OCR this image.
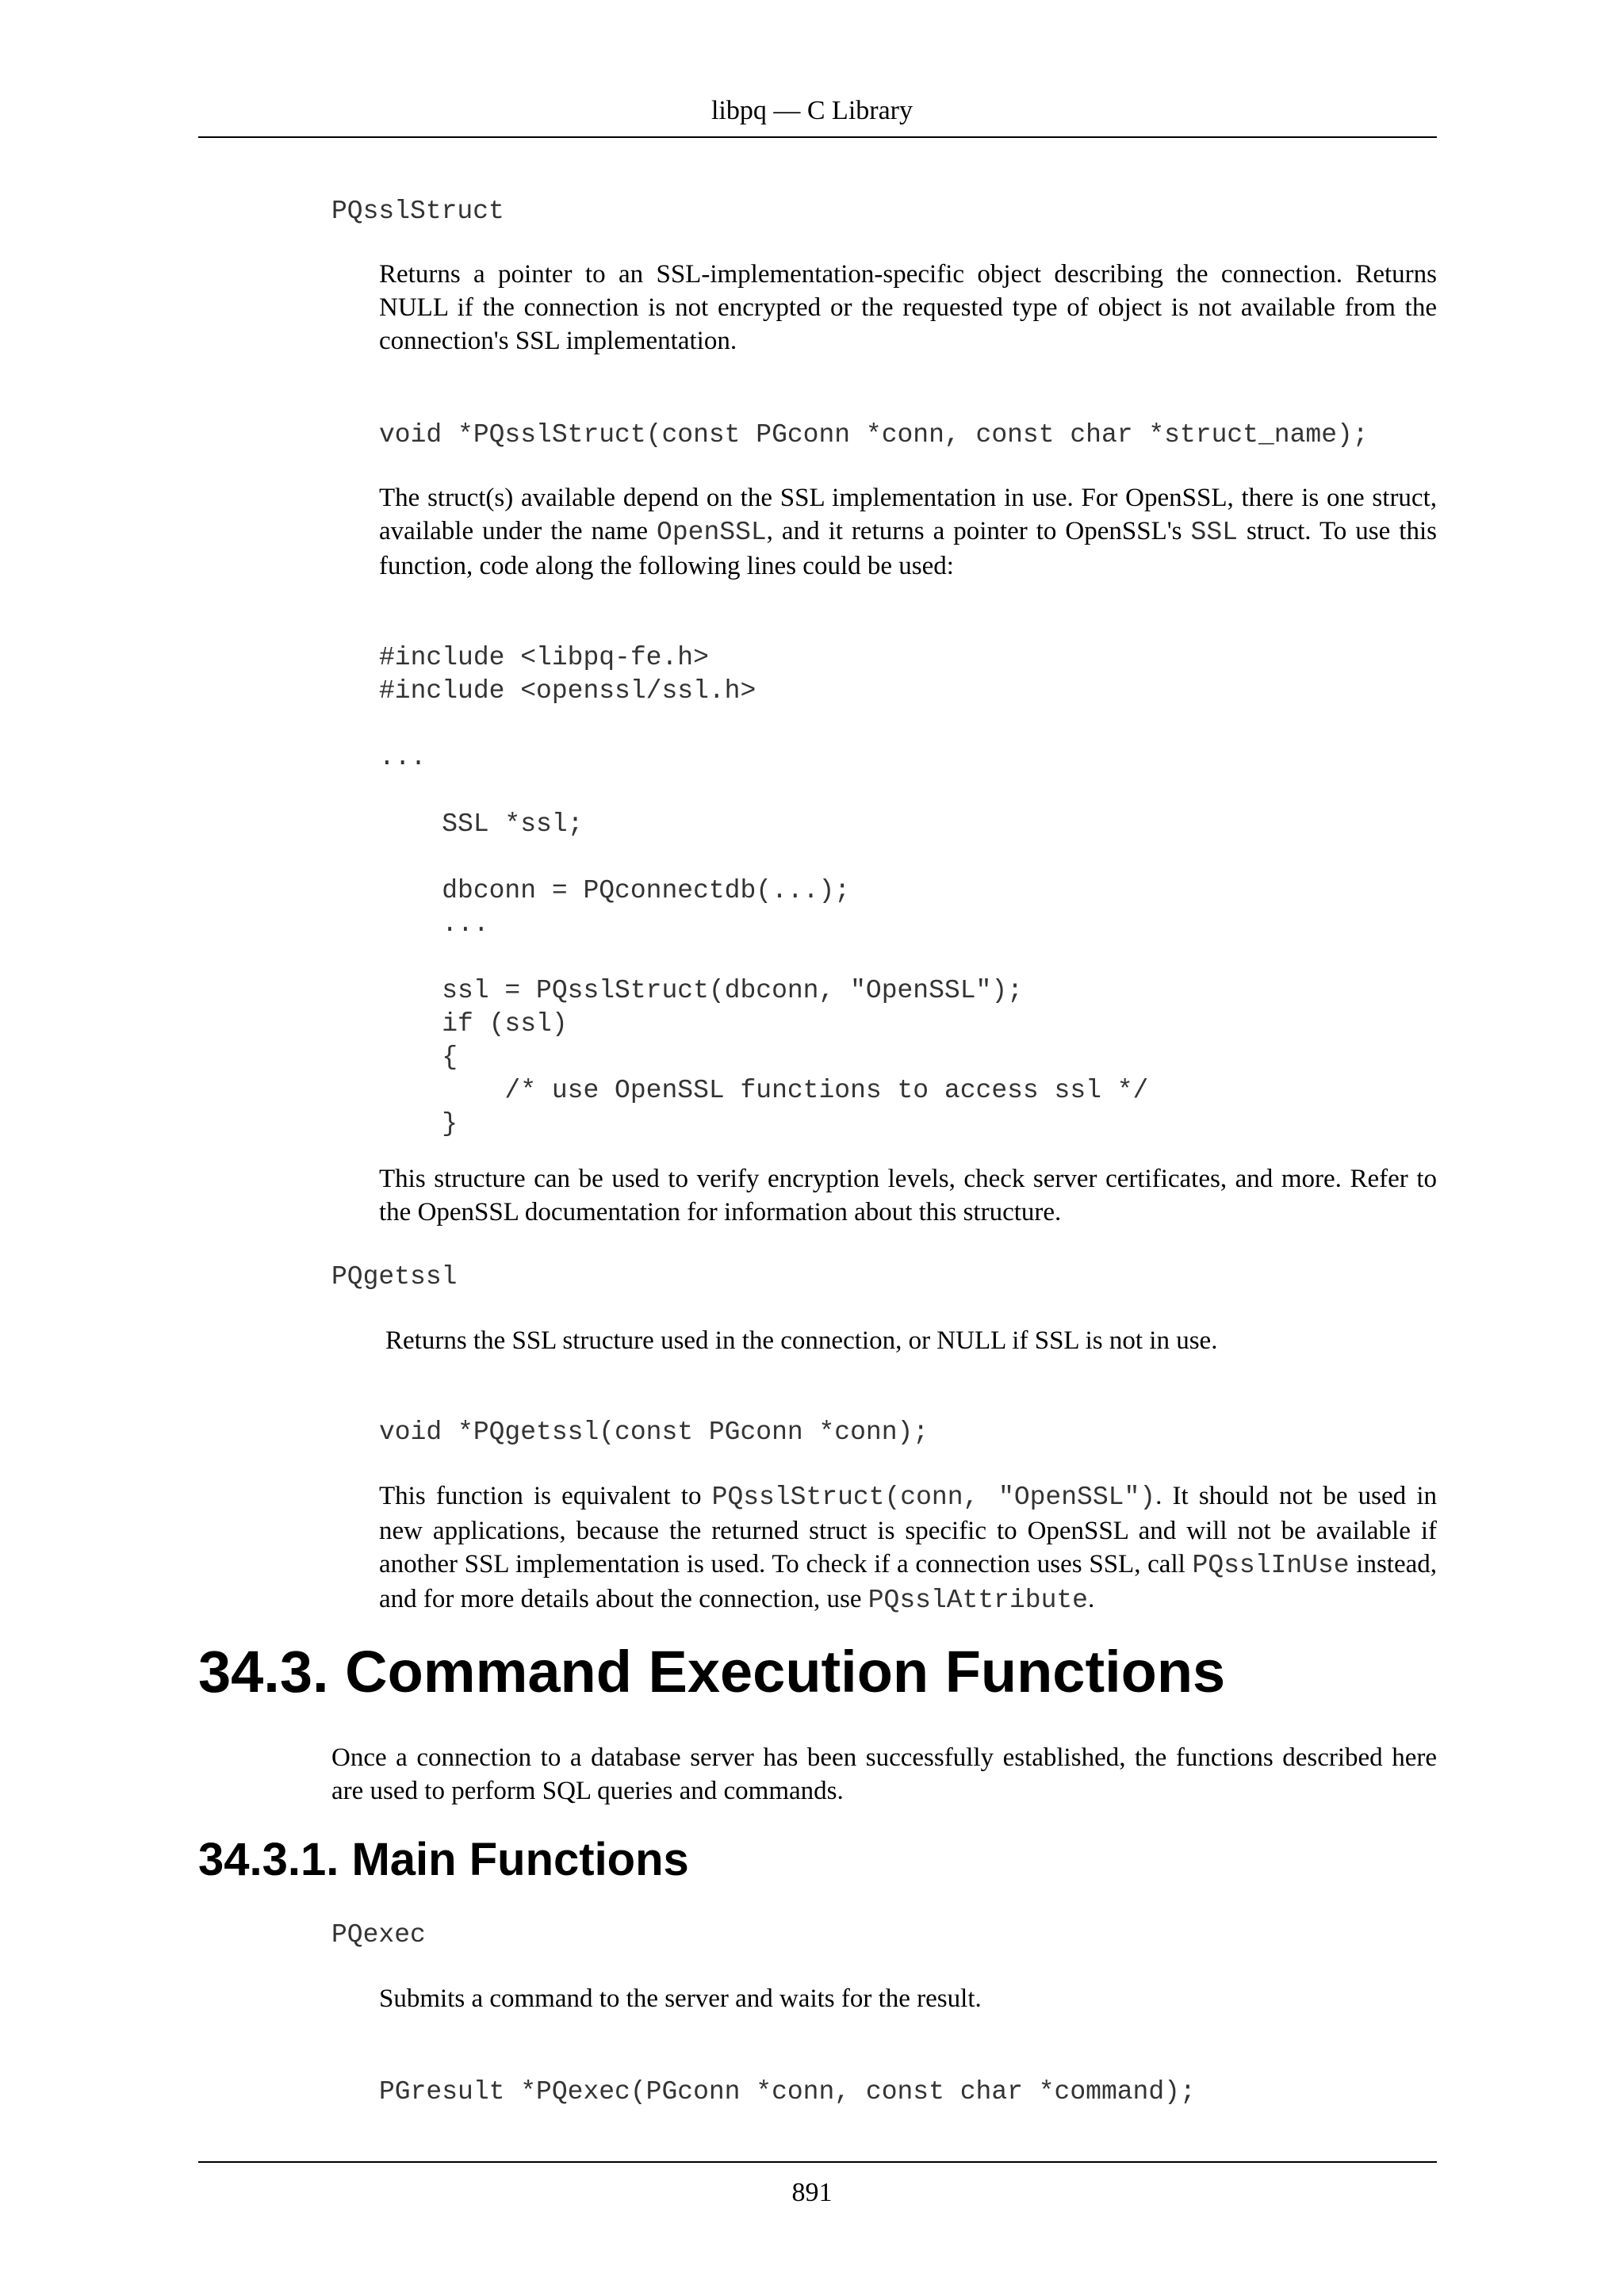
libpq — C Library
PQsslStruct
Returns a pointer to an SSL-implementation-specific object describing the connection. Returns NULL if the connection is not encrypted or the requested type of object is not available from the connection's SSL implementation.
void *PQsslStruct(const PGconn *conn, const char *struct_name);
The struct(s) available depend on the SSL implementation in use. For OpenSSL, there is one struct, available under the name OpenSSL, and it returns a pointer to OpenSSL's SSL struct. To use this function, code along the following lines could be used:
#include <libpq-fe.h>
#include <openssl/ssl.h>

...

SSL *ssl;

dbconn = PQconnectdb(...);
...

ssl = PQsslStruct(dbconn, "OpenSSL");
if (ssl)
{
/* use OpenSSL functions to access ssl */
}
This structure can be used to verify encryption levels, check server certificates, and more. Refer to the OpenSSL documentation for information about this structure.
PQgetssl
Returns the SSL structure used in the connection, or NULL if SSL is not in use.
void *PQgetssl(const PGconn *conn);
This function is equivalent to PQsslStruct(conn, "OpenSSL"). It should not be used in new applications, because the returned struct is specific to OpenSSL and will not be available if another SSL implementation is used. To check if a connection uses SSL, call PQsslInUse instead, and for more details about the connection, use PQsslAttribute.
34.3. Command Execution Functions
Once a connection to a database server has been successfully established, the functions described here are used to perform SQL queries and commands.
34.3.1. Main Functions
PQexec
Submits a command to the server and waits for the result.
PGresult *PQexec(PGconn *conn, const char *command);
891
